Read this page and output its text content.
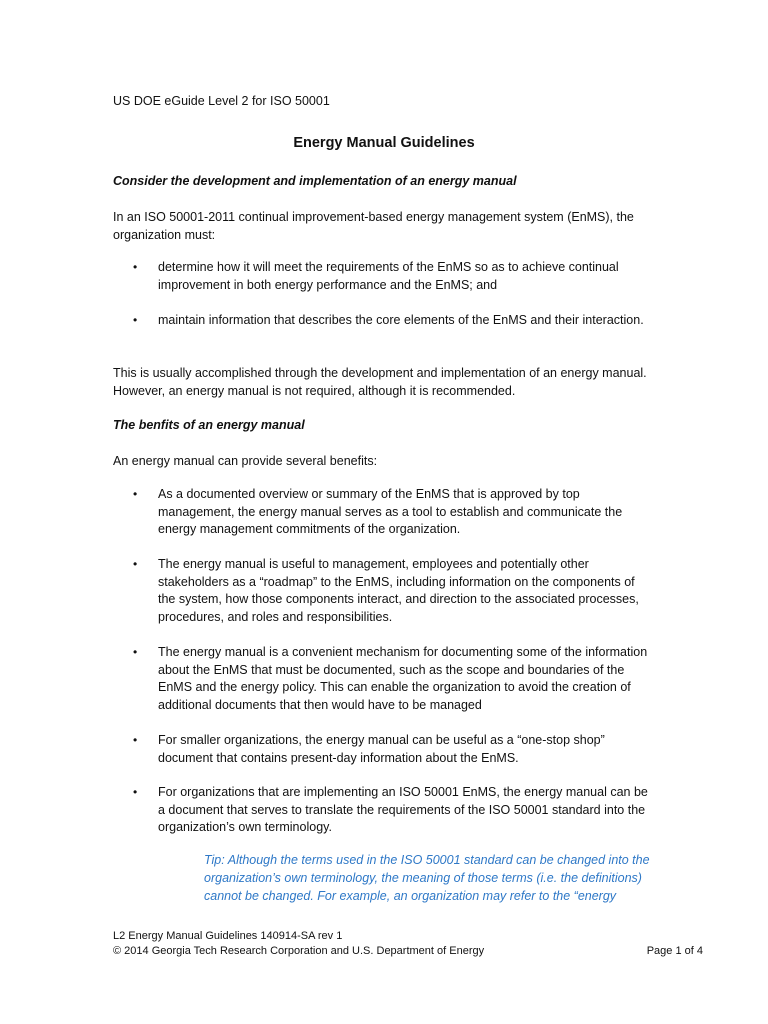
US DOE eGuide Level 2 for ISO 50001
Energy Manual Guidelines
Consider the development and implementation of an energy manual
In an ISO 50001-2011 continual improvement-based energy management system (EnMS), the organization must:
• determine how it will meet the requirements of the EnMS so as to achieve continual improvement in both energy performance and the EnMS; and
• maintain information that describes the core elements of the EnMS and their interaction.
This is usually accomplished through the development and implementation of an energy manual. However, an energy manual is not required, although it is recommended.
The benfits of an energy manual
An energy manual can provide several benefits:
• As a documented overview or summary of the EnMS that is approved by top management, the energy manual serves as a tool to establish and communicate the energy management commitments of the organization.
• The energy manual is useful to management, employees and potentially other stakeholders as a “roadmap” to the EnMS, including information on the components of the system, how those components interact, and direction to the associated processes, procedures, and roles and responsibilities.
• The energy manual is a convenient mechanism for documenting some of the information about the EnMS that must be documented, such as the scope and boundaries of the EnMS and the energy policy. This can enable the organization to avoid the creation of additional documents that then would have to be managed
• For smaller organizations, the energy manual can be useful as a “one-stop shop” document that contains present-day information about the EnMS.
• For organizations that are implementing an ISO 50001 EnMS, the energy manual can be a document that serves to translate the requirements of the ISO 50001 standard into the organization’s own terminology.
Tip: Although the terms used in the ISO 50001 standard can be changed into the organization’s own terminology, the meaning of those terms (i.e. the definitions) cannot be changed. For example, an organization may refer to the “energy
L2 Energy Manual Guidelines 140914-SA rev 1
© 2014 Georgia Tech Research Corporation and U.S. Department of Energy	Page 1 of 4
